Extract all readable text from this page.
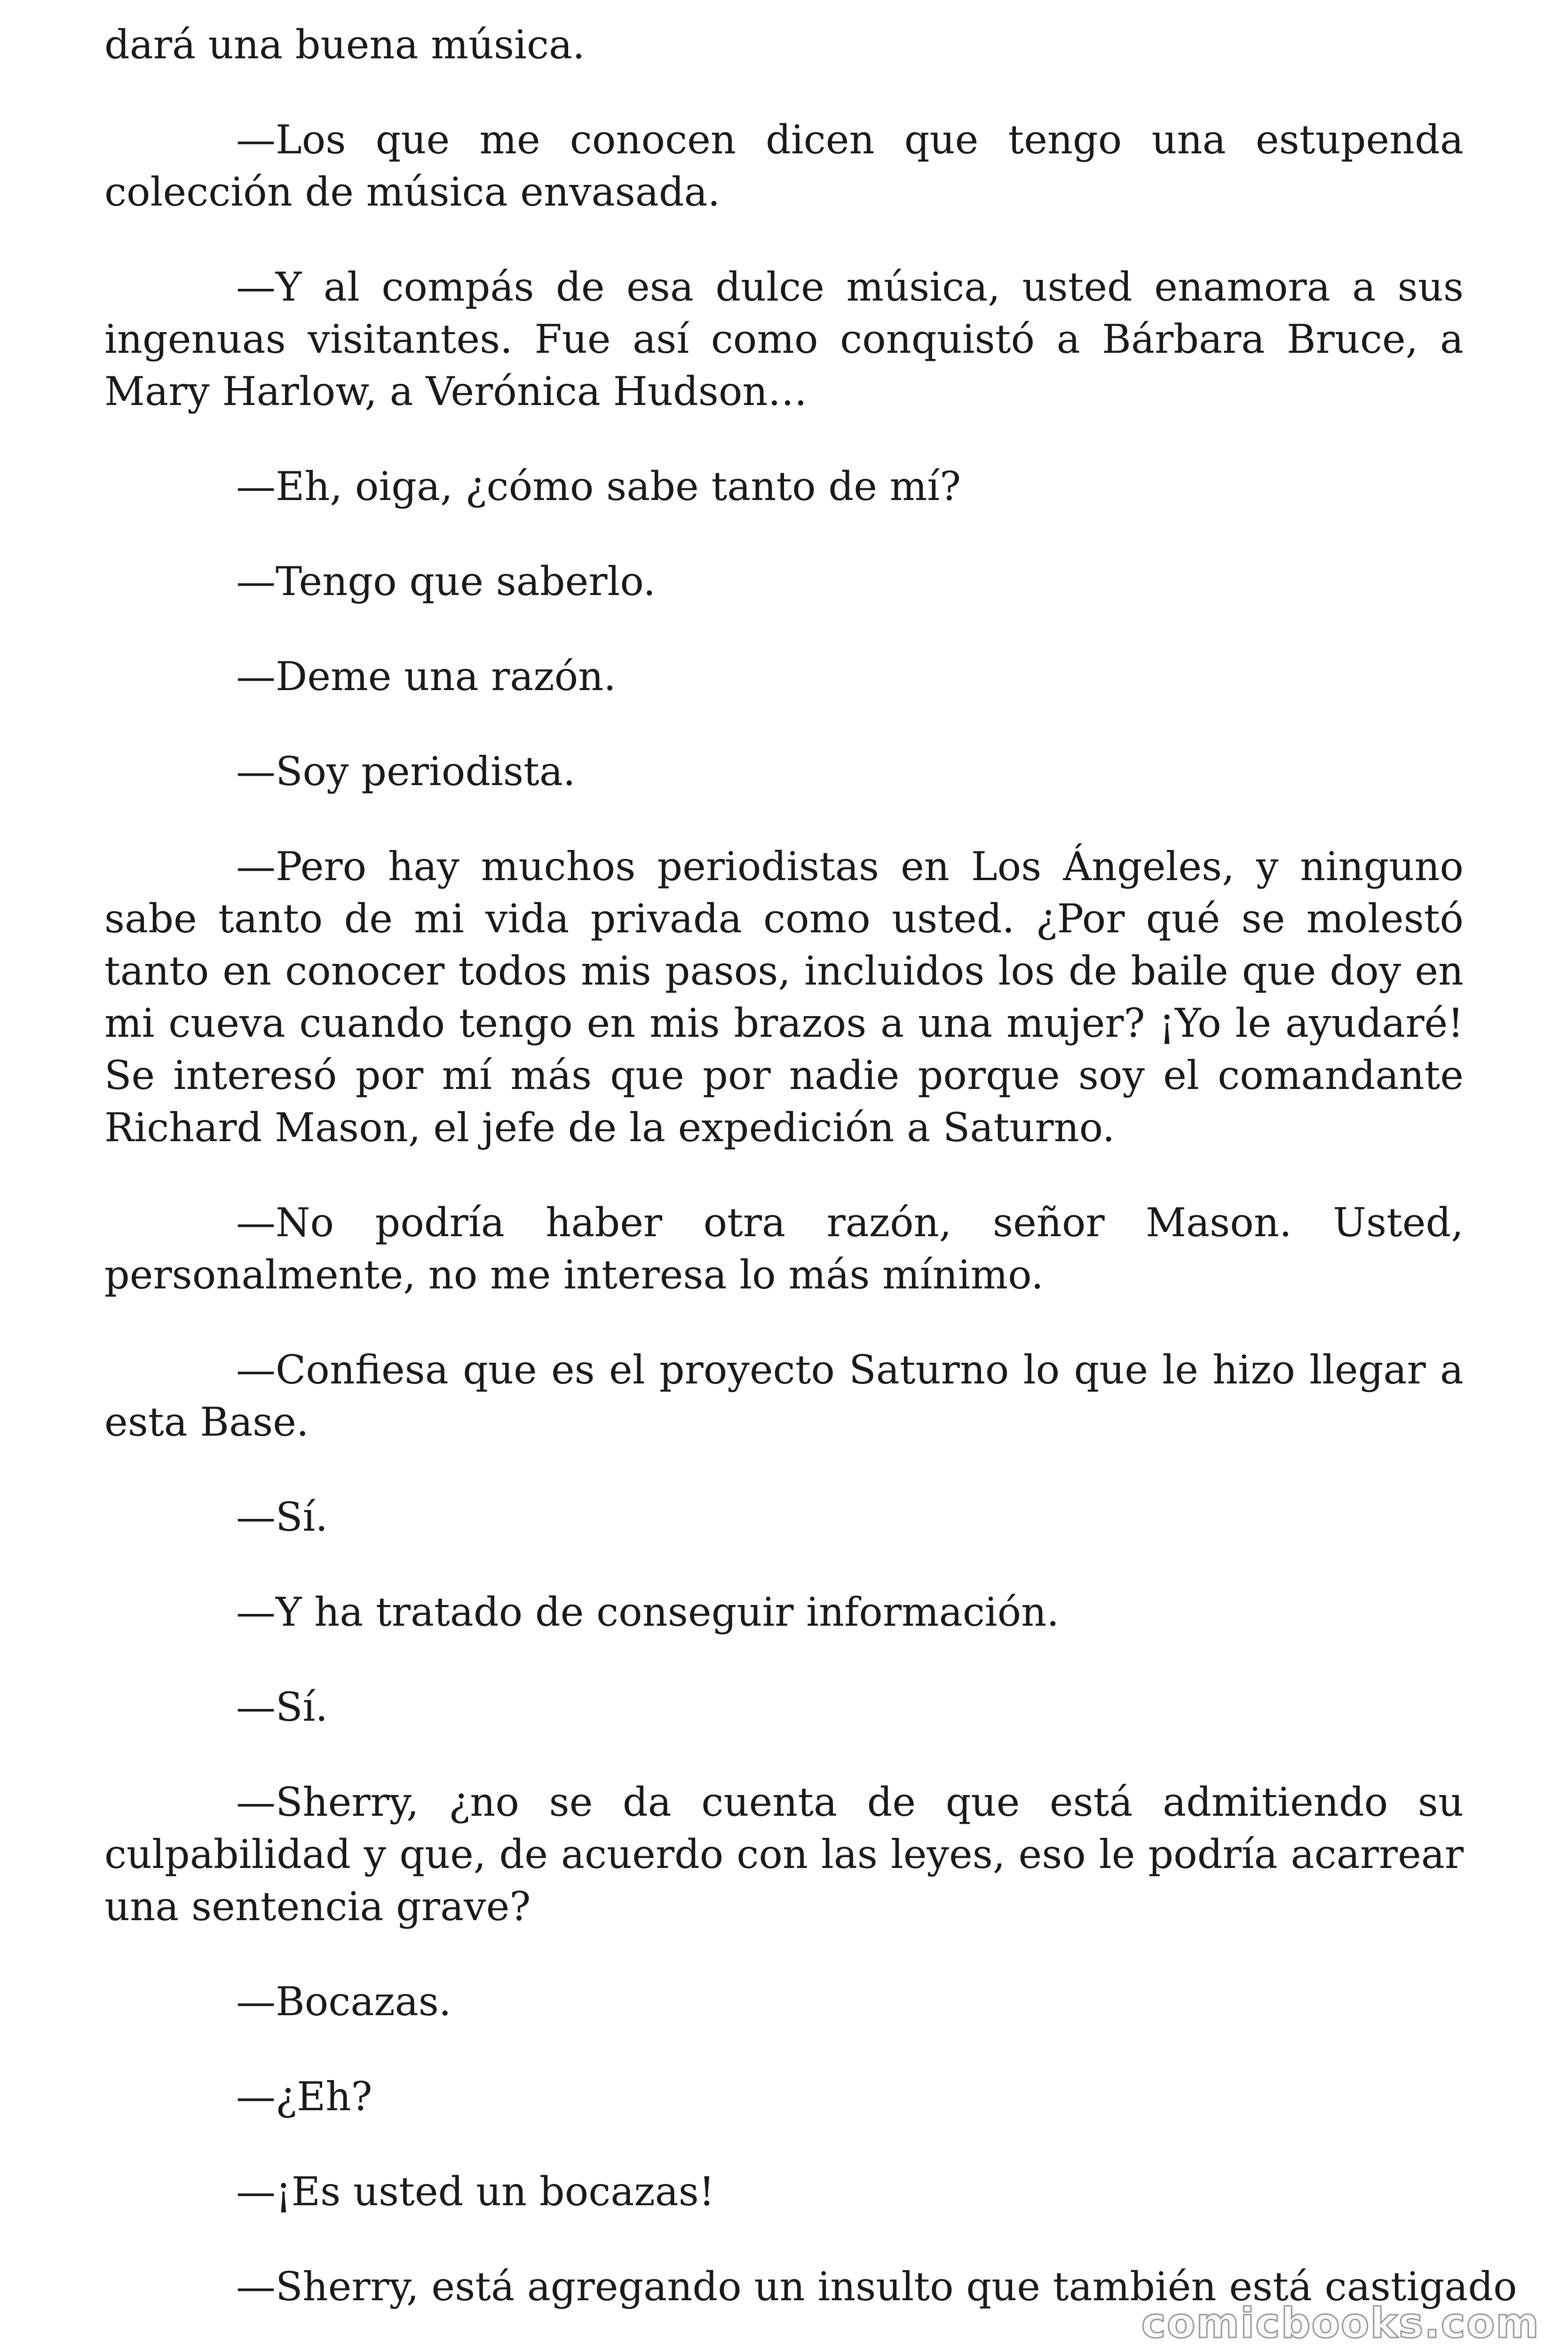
dará una buena música.

—Los que me conocen dicen que tengo una estupenda colección de música envasada.

—Y al compás de esa dulce música, usted enamora a sus ingenuas visitantes. Fue así como conquistó a Bárbara Bruce, a Mary Harlow, a Verónica Hudson…

—Eh, oiga, ¿cómo sabe tanto de mí?

—Tengo que saberlo.

—Deme una razón.

—Soy periodista.

—Pero hay muchos periodistas en Los Ángeles, y ninguno sabe tanto de mi vida privada como usted. ¿Por qué se molestó tanto en conocer todos mis pasos, incluidos los de baile que doy en mi cueva cuando tengo en mis brazos a una mujer? ¡Yo le ayudaré! Se interesó por mí más que por nadie porque soy el comandante Richard Mason, el jefe de la expedición a Saturno.

—No podría haber otra razón, señor Mason. Usted, personalmente, no me interesa lo más mínimo.

—Confiesa que es el proyecto Saturno lo que le hizo llegar a esta Base.

—Sí.

—Y ha tratado de conseguir información.

—Sí.

—Sherry, ¿no se da cuenta de que está admitiendo su culpabilidad y que, de acuerdo con las leyes, eso le podría acarrear una sentencia grave?

—Bocazas.

—¿Eh?

—¡Es usted un bocazas!

—Sherry, está agregando un insulto que también está castigado

comicbooks.com
